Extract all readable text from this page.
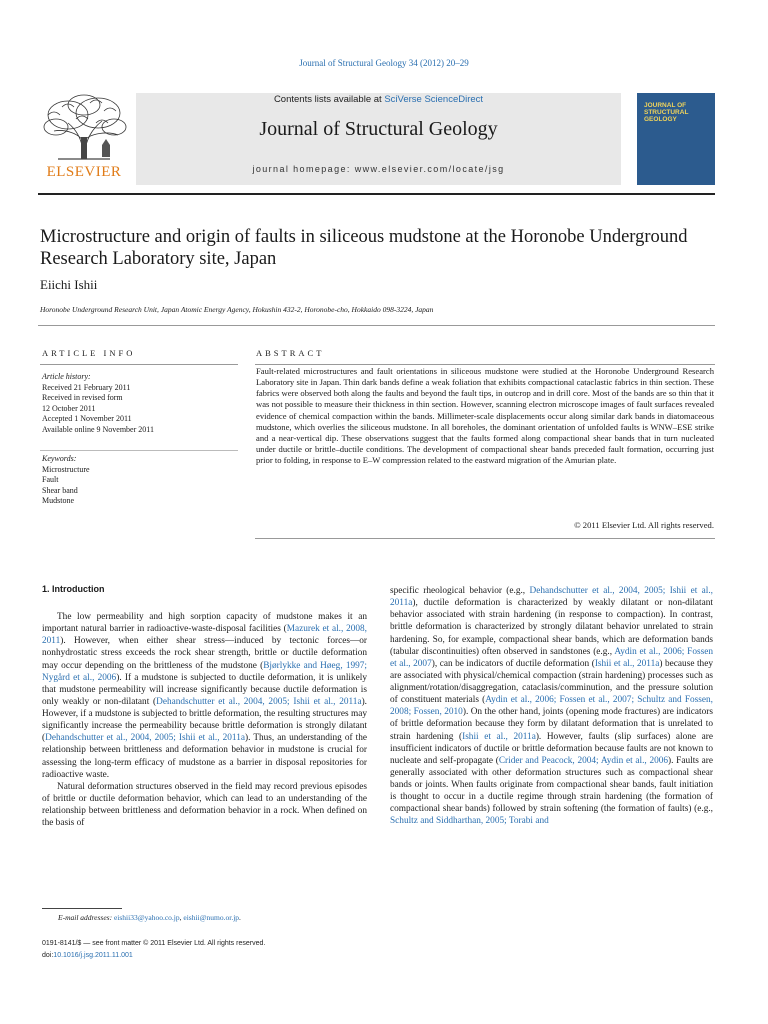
Journal of Structural Geology 34 (2012) 20–29
ELSEVIER
Contents lists available at SciVerse ScienceDirect
Journal of Structural Geology
journal homepage: www.elsevier.com/locate/jsg
JOURNAL OF STRUCTURAL GEOLOGY
Microstructure and origin of faults in siliceous mudstone at the Horonobe Underground Research Laboratory site, Japan
Eiichi Ishii
Horonobe Underground Research Unit, Japan Atomic Energy Agency, Hokushin 432-2, Horonobe-cho, Hokkaido 098-3224, Japan
ARTICLE INFO
Article history:
Received 21 February 2011
Received in revised form
12 October 2011
Accepted 1 November 2011
Available online 9 November 2011
Keywords:
Microstructure
Fault
Shear band
Mudstone
ABSTRACT
Fault-related microstructures and fault orientations in siliceous mudstone were studied at the Horonobe Underground Research Laboratory site in Japan. Thin dark bands define a weak foliation that exhibits compactional cataclastic fabrics in thin section. These fabrics were observed both along the faults and beyond the fault tips, in outcrop and in drill core. Most of the bands are so thin that it was not possible to measure their thickness in thin section. However, scanning electron microscope images of fault surfaces revealed evidence of chemical compaction within the bands. Millimeter-scale displacements occur along similar dark bands in diatomaceous mudstone, which overlies the siliceous mudstone. In all boreholes, the dominant orientation of unfolded faults is WNW–ESE strike and a near-vertical dip. These observations suggest that the faults formed along compactional shear bands that in turn nucleated under ductile or brittle–ductile conditions. The development of compactional shear bands preceded fault formation, occurring just prior to folding, in response to E–W compression related to the eastward migration of the Amurian plate.
© 2011 Elsevier Ltd. All rights reserved.
1. Introduction

The low permeability and high sorption capacity of mudstone makes it an important natural barrier in radioactive-waste-disposal facilities (Mazurek et al., 2008, 2011). However, when either shear stress—induced by tectonic forces—or nonhydrostatic stress exceeds the rock shear strength, brittle or ductile deformation may occur depending on the brittleness of the mudstone (Bjørlykke and Høeg, 1997; Nygård et al., 2006). If a mudstone is subjected to ductile deformation, it is unlikely that mudstone permeability will increase significantly because ductile deformation is only weakly or non-dilatant (Dehandschutter et al., 2004, 2005; Ishii et al., 2011a). However, if a mudstone is subjected to brittle deformation, the resulting structures may significantly increase the permeability because brittle deformation is strongly dilatant (Dehandschutter et al., 2004, 2005; Ishii et al., 2011a). Thus, an understanding of the relationship between brittleness and deformation behavior in mudstone is crucial for assessing the long-term efficacy of mudstone as a barrier in disposal repositories for radioactive waste.

Natural deformation structures observed in the field may record previous episodes of brittle or ductile deformation behavior, which can lead to an understanding of the relationship between brittleness and deformation behavior in a rock. When defined on the basis of

specific rheological behavior (e.g., Dehandschutter et al., 2004, 2005; Ishii et al., 2011a), ductile deformation is characterized by weakly dilatant or non-dilatant behavior associated with strain hardening (in response to compaction). In contrast, brittle deformation is characterized by strongly dilatant behavior unrelated to strain hardening. So, for example, compactional shear bands, which are deformation bands (tabular discontinuities) often observed in sandstones (e.g., Aydin et al., 2006; Fossen et al., 2007), can be indicators of ductile deformation (Ishii et al., 2011a) because they are associated with physical/chemical compaction (strain hardening) processes such as alignment/rotation/disaggregation, cataclasis/comminution, and the pressure solution of constituent materials (Aydin et al., 2006; Fossen et al., 2007; Schultz and Fossen, 2008; Fossen, 2010). On the other hand, joints (opening mode fractures) are indicators of brittle deformation because they form by dilatant deformation that is unrelated to strain hardening (Ishii et al., 2011a). However, faults (slip surfaces) alone are insufficient indicators of ductile or brittle deformation because faults are not known to nucleate and self-propagate (Crider and Peacock, 2004; Aydin et al., 2006). Faults are generally associated with other deformation structures such as compactional shear bands or joints. When faults originate from compactional shear bands, fault initiation is thought to occur in a ductile regime through strain hardening (the formation of compactional shear bands) followed by strain softening (the formation of faults) (e.g., Schultz and Siddharthan, 2005; Torabi and

E-mail addresses: eishii33@yahoo.co.jp, eishii@numo.or.jp.
0191-8141/$ — see front matter © 2011 Elsevier Ltd. All rights reserved.
doi:10.1016/j.jsg.2011.11.001
